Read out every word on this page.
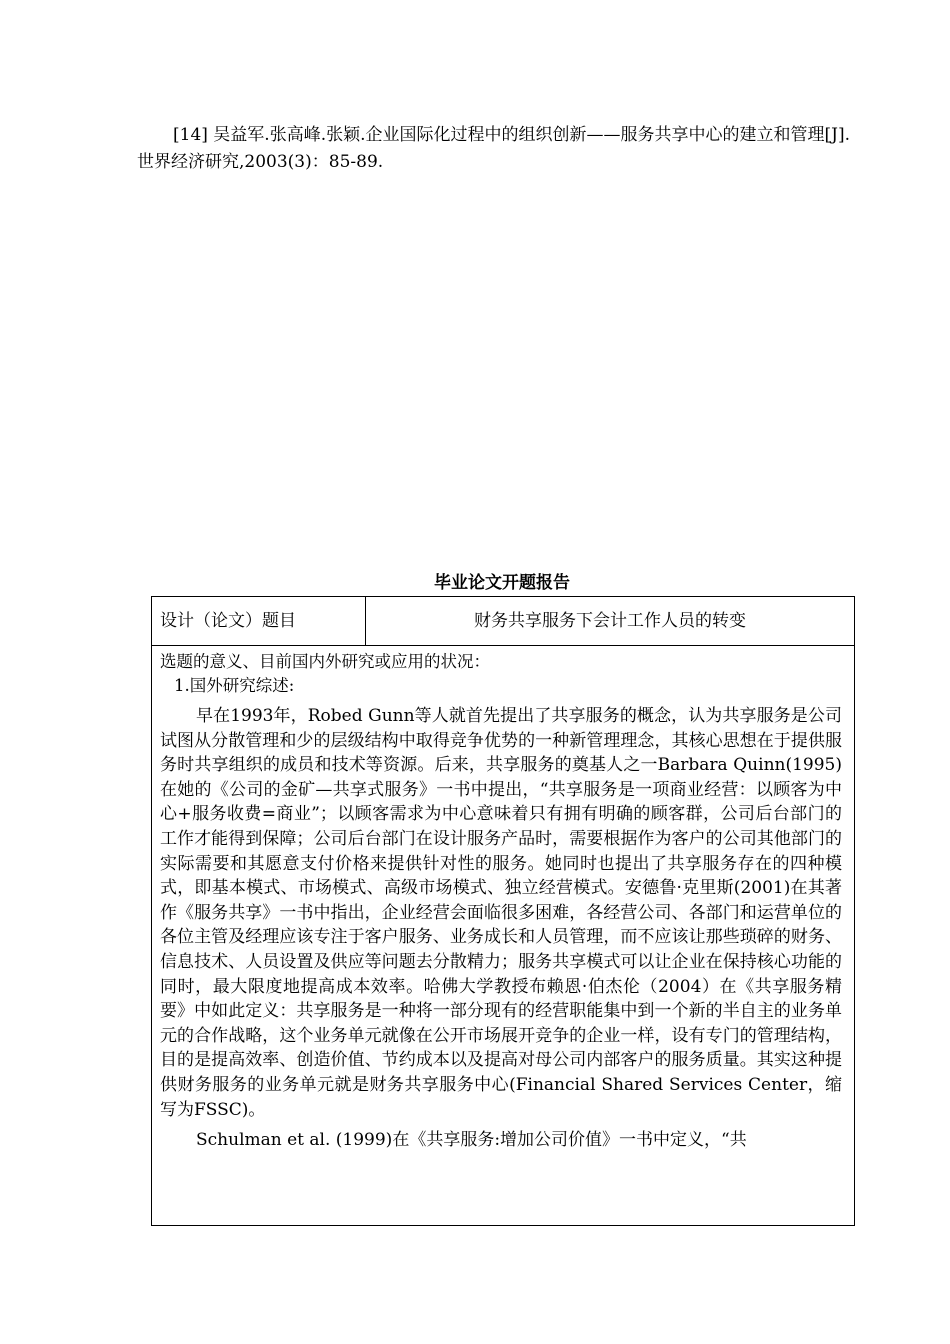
[14] 吴益军.张高峰.张颖.企业国际化过程中的组织创新——服务共享中心的建立和管理[J].世界经济研究,2003(3)：85-89.

毕业论文开题报告
设计（论文）题目	财务共享服务下会计工作人员的转变

选题的意义、目前国内外研究或应用的状况：
1.国外研究综述:

早在1993年，Robed Gunn等人就首先提出了共享服务的概念，认为共享服务是公司试图从分散管理和少的层级结构中取得竞争优势的一种新管理理念，其核心思想在于提供服务时共享组织的成员和技术等资源。后来，共享服务的奠基人之一Barbara Quinn(1995)在她的《公司的金矿—共享式服务》一书中提出，“共享服务是一项商业经营：以顾客为中心+服务收费=商业”；以顾客需求为中心意味着只有拥有明确的顾客群，公司后台部门的工作才能得到保障；公司后台部门在设计服务产品时，需要根据作为客户的公司其他部门的实际需要和其愿意支付价格来提供针对性的服务。她同时也提出了共享服务存在的四种模式，即基本模式、市场模式、高级市场模式、独立经营模式。安德鲁·克里斯(2001)在其著作《服务共享》一书中指出，企业经营会面临很多困难，各经营公司、各部门和运营单位的各位主管及经理应该专注于客户服务、业务成长和人员管理，而不应该让那些琐碎的财务、信息技术、人员设置及供应等问题去分散精力；服务共享模式可以让企业在保持核心功能的同时，最大限度地提高成本效率。哈佛大学教授布赖恩·伯杰伦（2004）在《共享服务精要》中如此定义：共享服务是一种将一部分现有的经营职能集中到一个新的半自主的业务单元的合作战略，这个业务单元就像在公开市场展开竞争的企业一样，设有专门的管理结构，目的是提高效率、创造价值、节约成本以及提高对母公司内部客户的服务质量。其实这种提供财务服务的业务单元就是财务共享服务中心(Financial Shared Services Center，缩写为FSSC)。

Schulman et al. (1999)在《共享服务:增加公司价值》一书中定义，“共
